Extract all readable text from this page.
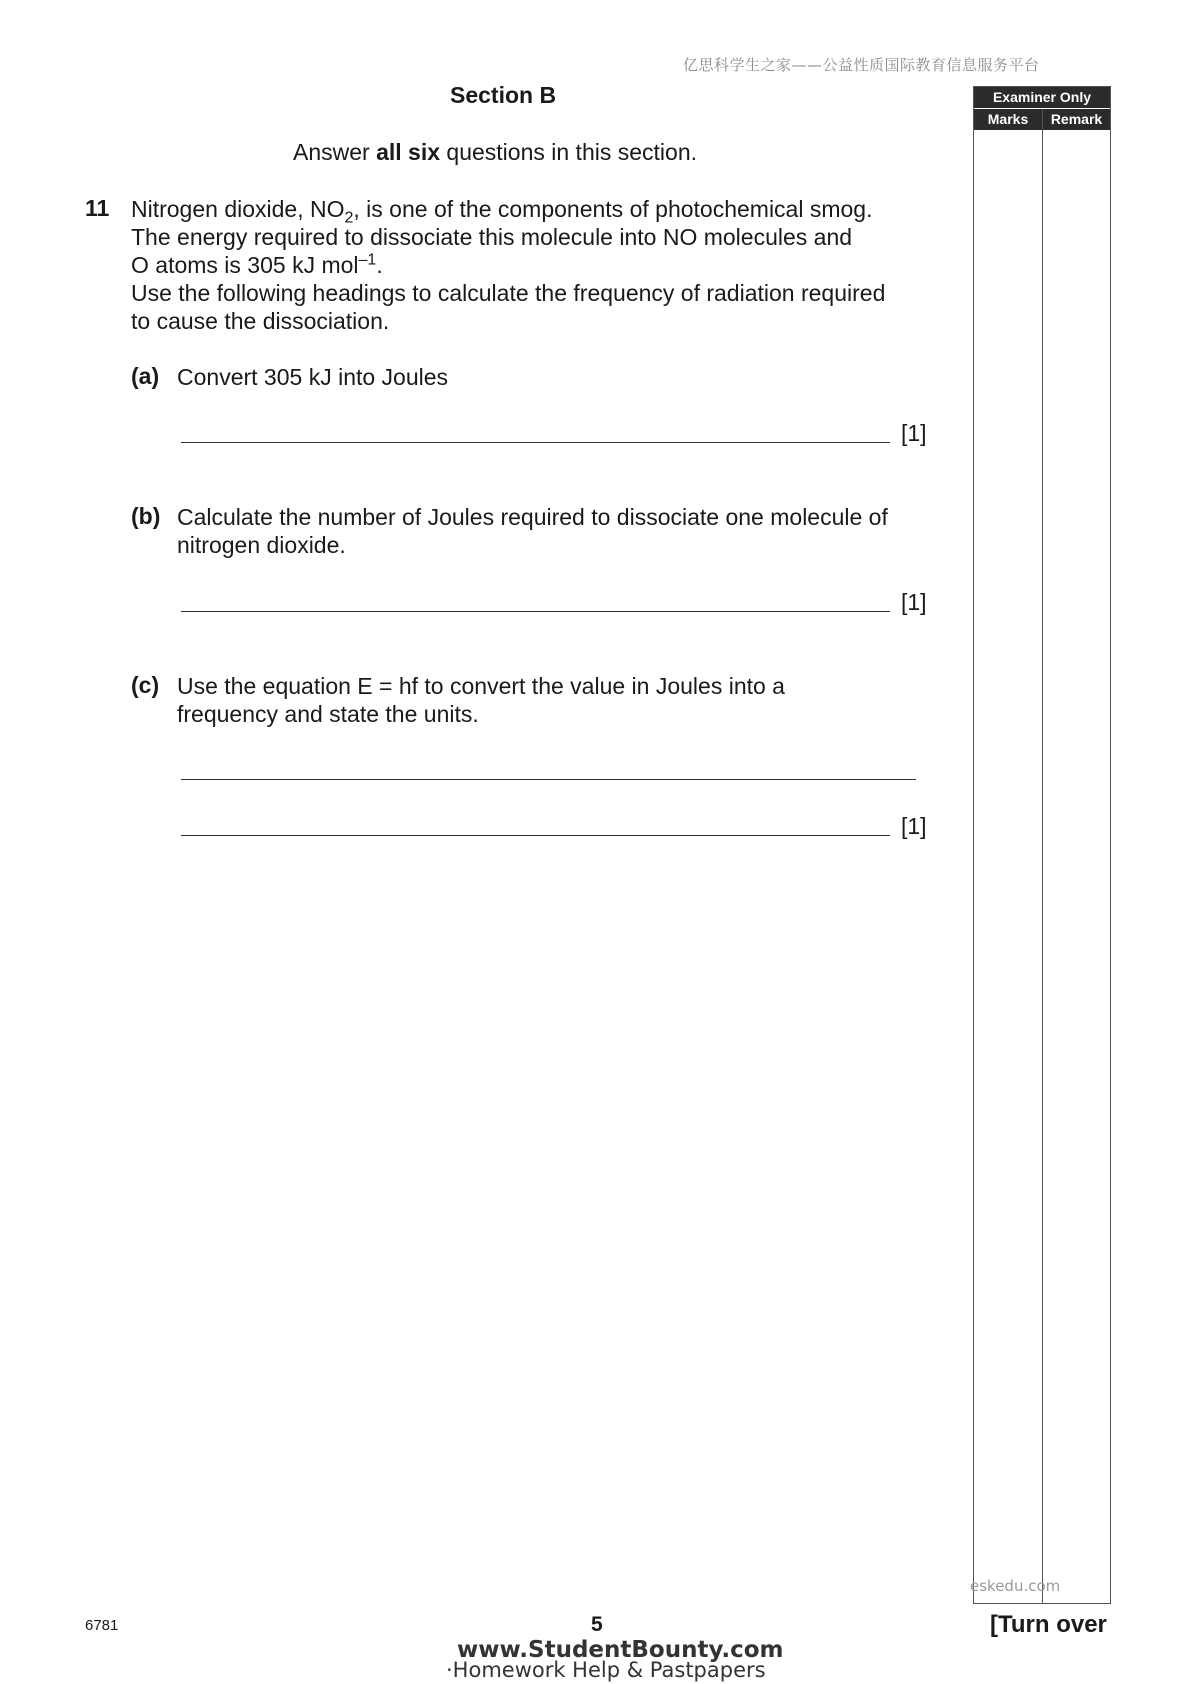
亿思科学生之家——公益性质国际教育信息服务平台
Section B
Answer all six questions in this section.
Examiner Only
Marks	Remark
eskedu.com
11 Nitrogen dioxide, $NO_2$, is one of the components of photochemical smog.
The energy required to dissociate this molecule into NO molecules and
O atoms is 305 kJ mol$^{-1}$.
Use the following headings to calculate the frequency of radiation required
to cause the dissociation.
(a) Convert 305 kJ into Joules
[1]
(b) Calculate the number of Joules required to dissociate one molecule of
nitrogen dioxide.
[1]
(c) Use the equation E = hf to convert the value in Joules into a
frequency and state the units.
[1]
6781	5	[Turn over
www.StudentBounty.com
·Homework Help & Pastpapers
